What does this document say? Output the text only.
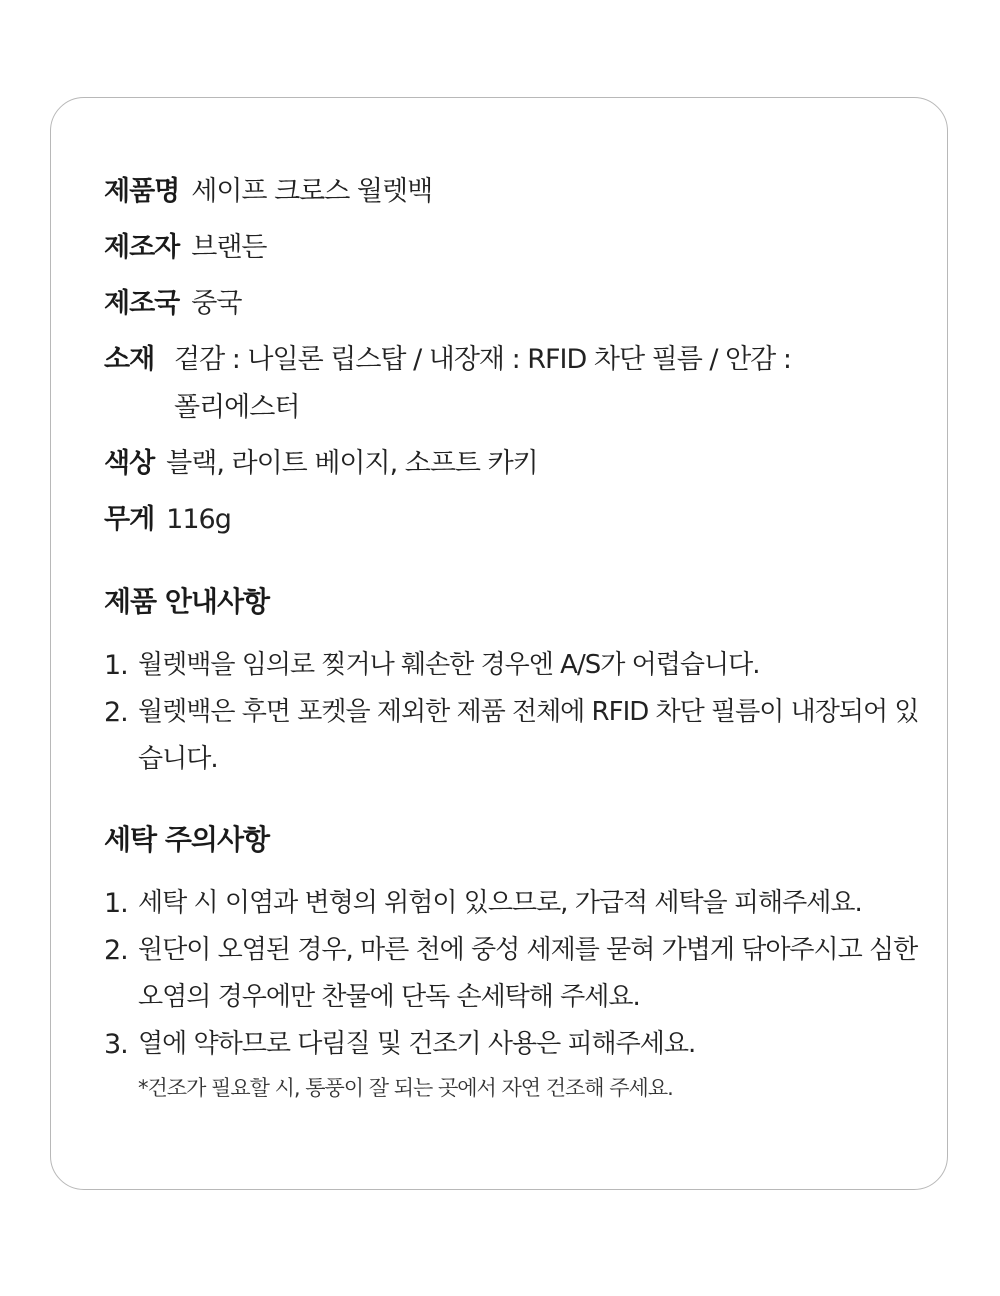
제품명 세이프 크로스 월렛백
제조자 브랜든
제조국 중국
소재 겉감 : 나일론 립스탑 / 내장재 : RFID 차단 필름 / 안감 : 폴리에스터
색상 블랙, 라이트 베이지, 소프트 카키
무게 116g
제품 안내사항
1. 월렛백을 임의로 찢거나 훼손한 경우엔 A/S가 어렵습니다.
2. 월렛백은 후면 포켓을 제외한 제품 전체에 RFID 차단 필름이 내장되어 있습니다.
세탁 주의사항
1. 세탁 시 이염과 변형의 위험이 있으므로, 가급적 세탁을 피해주세요.
2. 원단이 오염된 경우, 마른 천에 중성 세제를 묻혀 가볍게 닦아주시고 심한 오염의 경우에만 찬물에 단독 손세탁해 주세요.
3. 열에 약하므로 다림질 및 건조기 사용은 피해주세요.
*건조가 필요할 시, 통풍이 잘 되는 곳에서 자연 건조해 주세요.
